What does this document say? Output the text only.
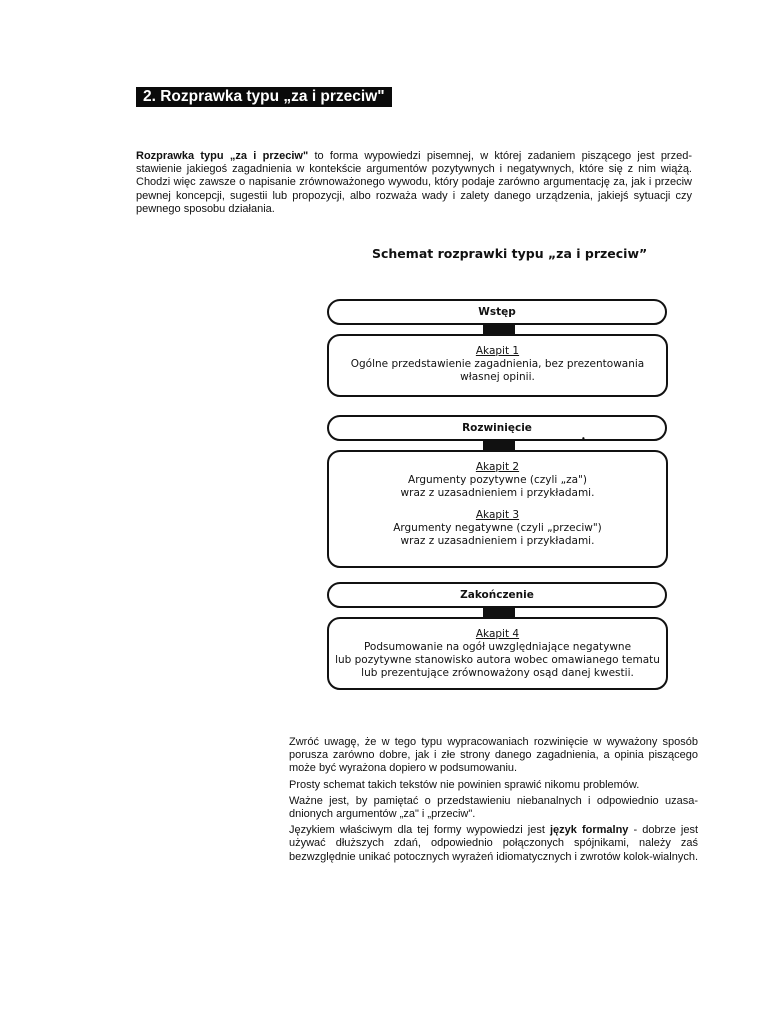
2. Rozprawka typu „za i przeciw"

Rozprawka typu „za i przeciw" to forma wypowiedzi pisemnej, w której zadaniem piszącego jest przed-stawienie jakiegoś zagadnienia w kontekście argumentów pozytywnych i negatywnych, które się z nim wiążą. Chodzi więc zawsze o napisanie zrównoważonego wywodu, który podaje zarówno argumentację za, jak i przeciw pewnej koncepcji, sugestii lub propozycji, albo rozważa wady i zalety danego urządzenia, jakiejś sytuacji czy pewnego sposobu działania.

Schemat rozprawki typu „za i przeciw”
Wstęp
Akapit 1
Ogólne przedstawienie zagadnienia, bez prezentowania
własnej opinii.
Rozwinięcie
•
Akapit 2
Argumenty pozytywne (czyli „za")
wraz z uzasadnieniem i przykładami.
Akapit 3
Argumenty negatywne (czyli „przeciw")
wraz z uzasadnieniem i przykładami.
Zakończenie
Akapit 4
Podsumowanie na ogół uwzględniające negatywne
lub pozytywne stanowisko autora wobec omawianego tematu
lub prezentujące zrównoważony osąd danej kwestii.

Zwróć uwagę, że w tego typu wypracowaniach rozwinięcie w wyważony sposób porusza zarówno dobre, jak i złe strony danego zagadnienia, a opinia piszącego może być wyrażona dopiero w podsumowaniu.

Prosty schemat takich tekstów nie powinien sprawić nikomu problemów.

Ważne jest, by pamiętać o przedstawieniu niebanalnych i odpowiednio uzasa-dnionych argumentów „za" i „przeciw".

Językiem właściwym dla tej formy wypowiedzi jest język formalny - dobrze jest używać dłuższych zdań, odpowiednio połączonych spójnikami, należy zaś bezwzględnie unikać potocznych wyrażeń idiomatycznych i zwrotów kolok-wialnych.
